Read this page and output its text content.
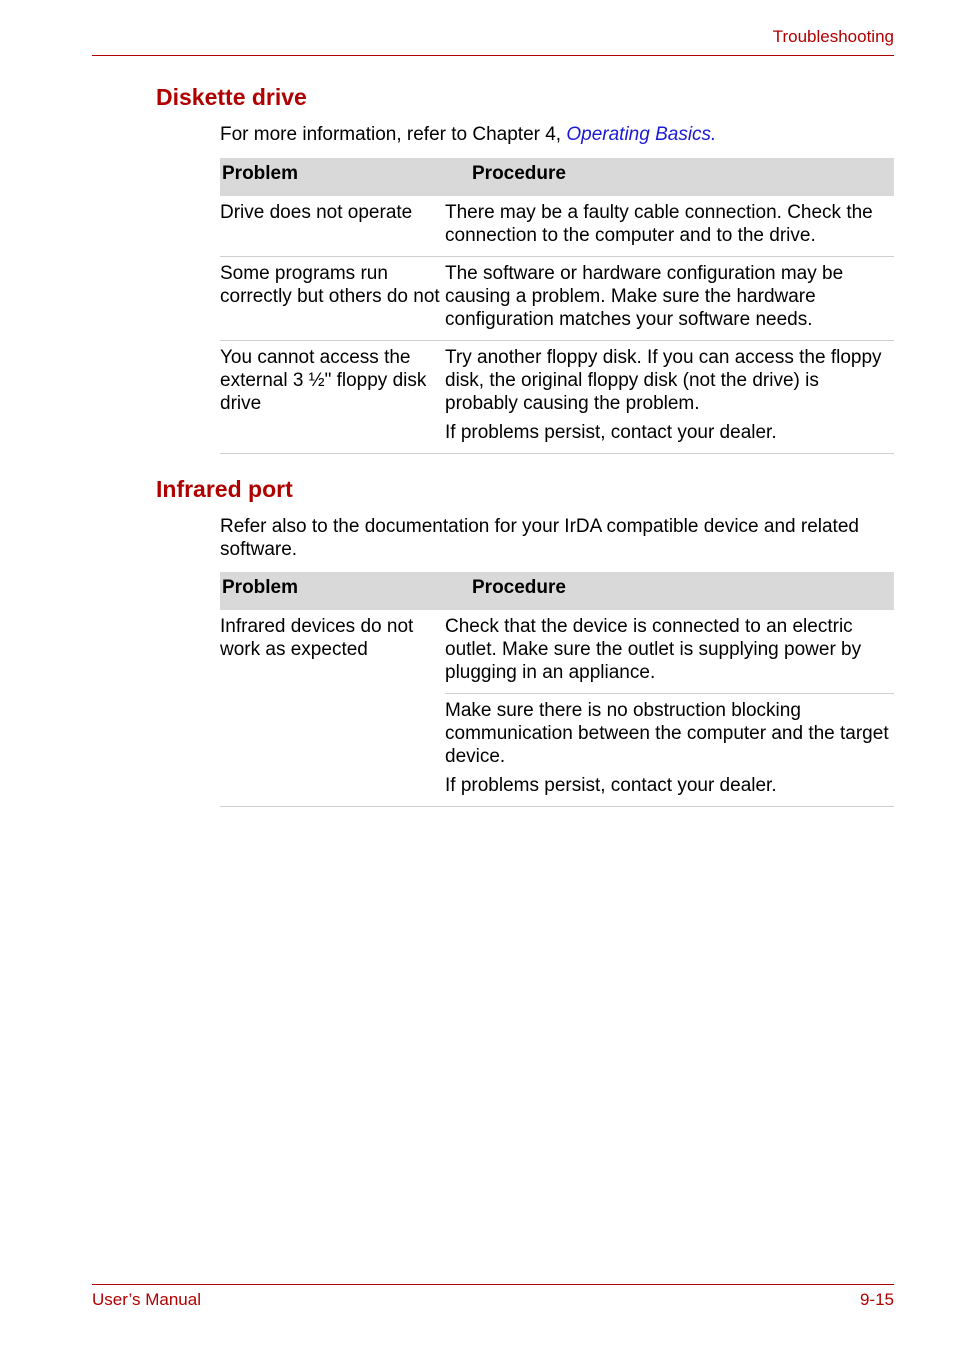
Troubleshooting
Diskette drive
For more information, refer to Chapter 4, Operating Basics.
Problem	Procedure
Drive does not operate	There may be a faulty cable connection. Check the connection to the computer and to the drive.
Some programs run correctly but others do not	The software or hardware configuration may be causing a problem. Make sure the hardware configuration matches your software needs.
You cannot access the external 3 ½" floppy disk drive	Try another floppy disk. If you can access the floppy disk, the original floppy disk (not the drive) is probably causing the problem.
If problems persist, contact your dealer.
Infrared port
Refer also to the documentation for your IrDA compatible device and related software.
Problem	Procedure
Infrared devices do not work as expected	Check that the device is connected to an electric outlet. Make sure the outlet is supplying power by plugging in an appliance.

	Make sure there is no obstruction blocking communication between the computer and the target device.
If problems persist, contact your dealer.
User’s Manual	9-15
